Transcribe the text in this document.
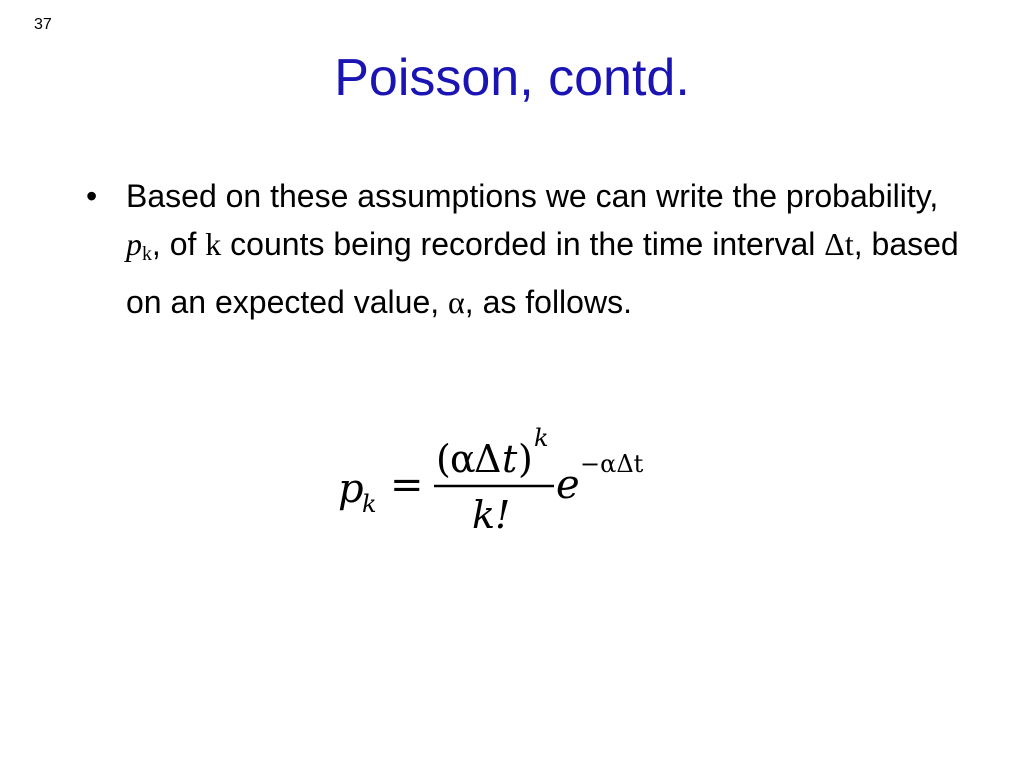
37
Poisson, contd.
• Based on these assumptions we can write the probability, $p_k$, of k counts being recorded in the time interval Δt, based on an expected value, α, as follows.
p
k =
( α
Δ t ) k
k!
e −αΔt
